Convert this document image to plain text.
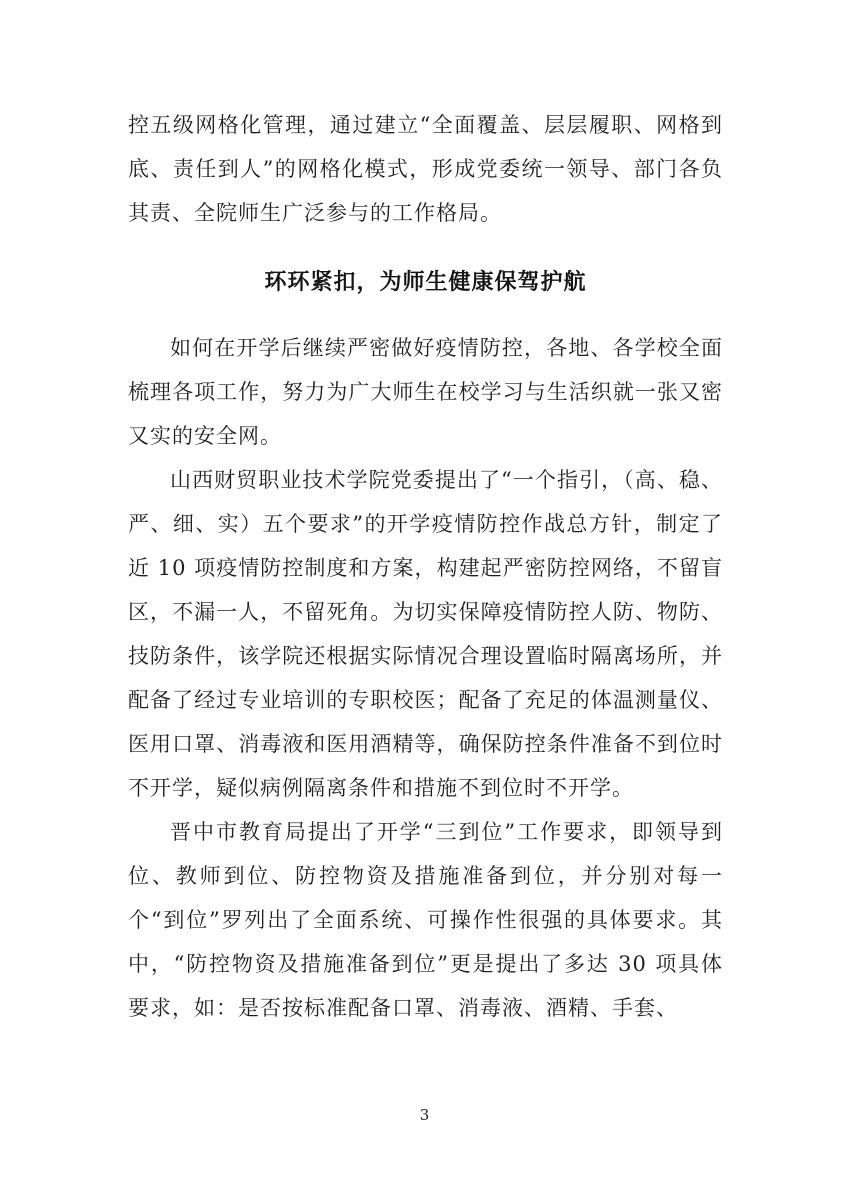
控五级网格化管理，通过建立“全面覆盖、层层履职、网格到底、责任到人”的网格化模式，形成党委统一领导、部门各负其责、全院师生广泛参与的工作格局。

环环紧扣，为师生健康保驾护航

如何在开学后继续严密做好疫情防控，各地、各学校全面梳理各项工作，努力为广大师生在校学习与生活织就一张又密又实的安全网。

山西财贸职业技术学院党委提出了“一个指引，（高、稳、严、细、实）五个要求”的开学疫情防控作战总方针，制定了近 10 项疫情防控制度和方案，构建起严密防控网络，不留盲区，不漏一人，不留死角。为切实保障疫情防控人防、物防、技防条件，该学院还根据实际情况合理设置临时隔离场所，并配备了经过专业培训的专职校医；配备了充足的体温测量仪、医用口罩、消毒液和医用酒精等，确保防控条件准备不到位时不开学，疑似病例隔离条件和措施不到位时不开学。

晋中市教育局提出了开学“三到位”工作要求，即领导到位、教师到位、防控物资及措施准备到位，并分别对每一个“到位”罗列出了全面系统、可操作性很强的具体要求。其中，“防控物资及措施准备到位”更是提出了多达 30 项具体要求，如：是否按标准配备口罩、消毒液、酒精、手套、

3
